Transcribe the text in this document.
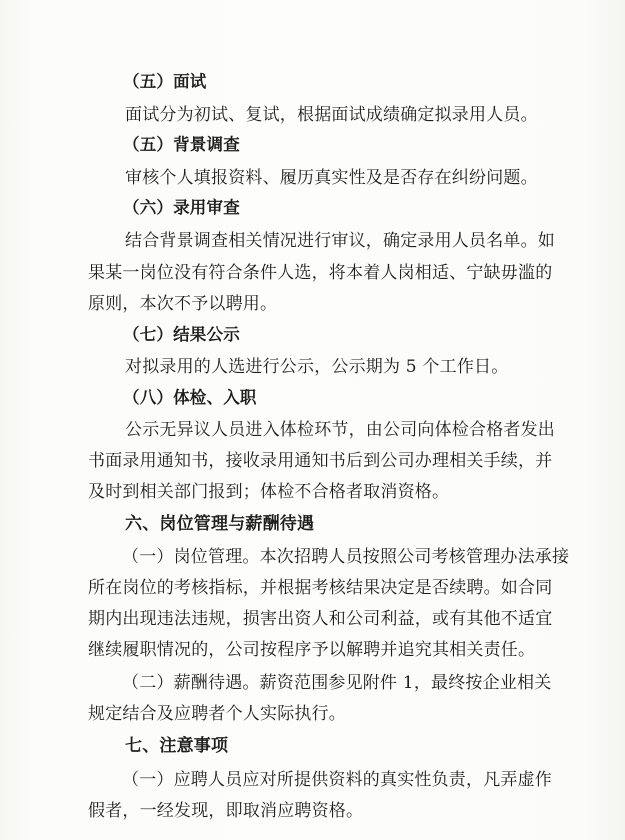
（五）面试
面试分为初试、复试，根据面试成绩确定拟录用人员。
（五）背景调查
审核个人填报资料、履历真实性及是否存在纠纷问题。
（六）录用审查
结合背景调查相关情况进行审议，确定录用人员名单。如
果某一岗位没有符合条件人选，将本着人岗相适、宁缺毋滥的
原则，本次不予以聘用。
（七）结果公示
对拟录用的人选进行公示，公示期为 5 个工作日。
（八）体检、入职
公示无异议人员进入体检环节，由公司向体检合格者发出
书面录用通知书，接收录用通知书后到公司办理相关手续，并
及时到相关部门报到；体检不合格者取消资格。
六、岗位管理与薪酬待遇
（一）岗位管理。本次招聘人员按照公司考核管理办法承接
所在岗位的考核指标，并根据考核结果决定是否续聘。如合同
期内出现违法违规，损害出资人和公司利益，或有其他不适宜
继续履职情况的，公司按程序予以解聘并追究其相关责任。
（二）薪酬待遇。薪资范围参见附件 1，最终按企业相关
规定结合及应聘者个人实际执行。
七、注意事项
（一）应聘人员应对所提供资料的真实性负责，凡弄虚作
假者，一经发现，即取消应聘资格。
